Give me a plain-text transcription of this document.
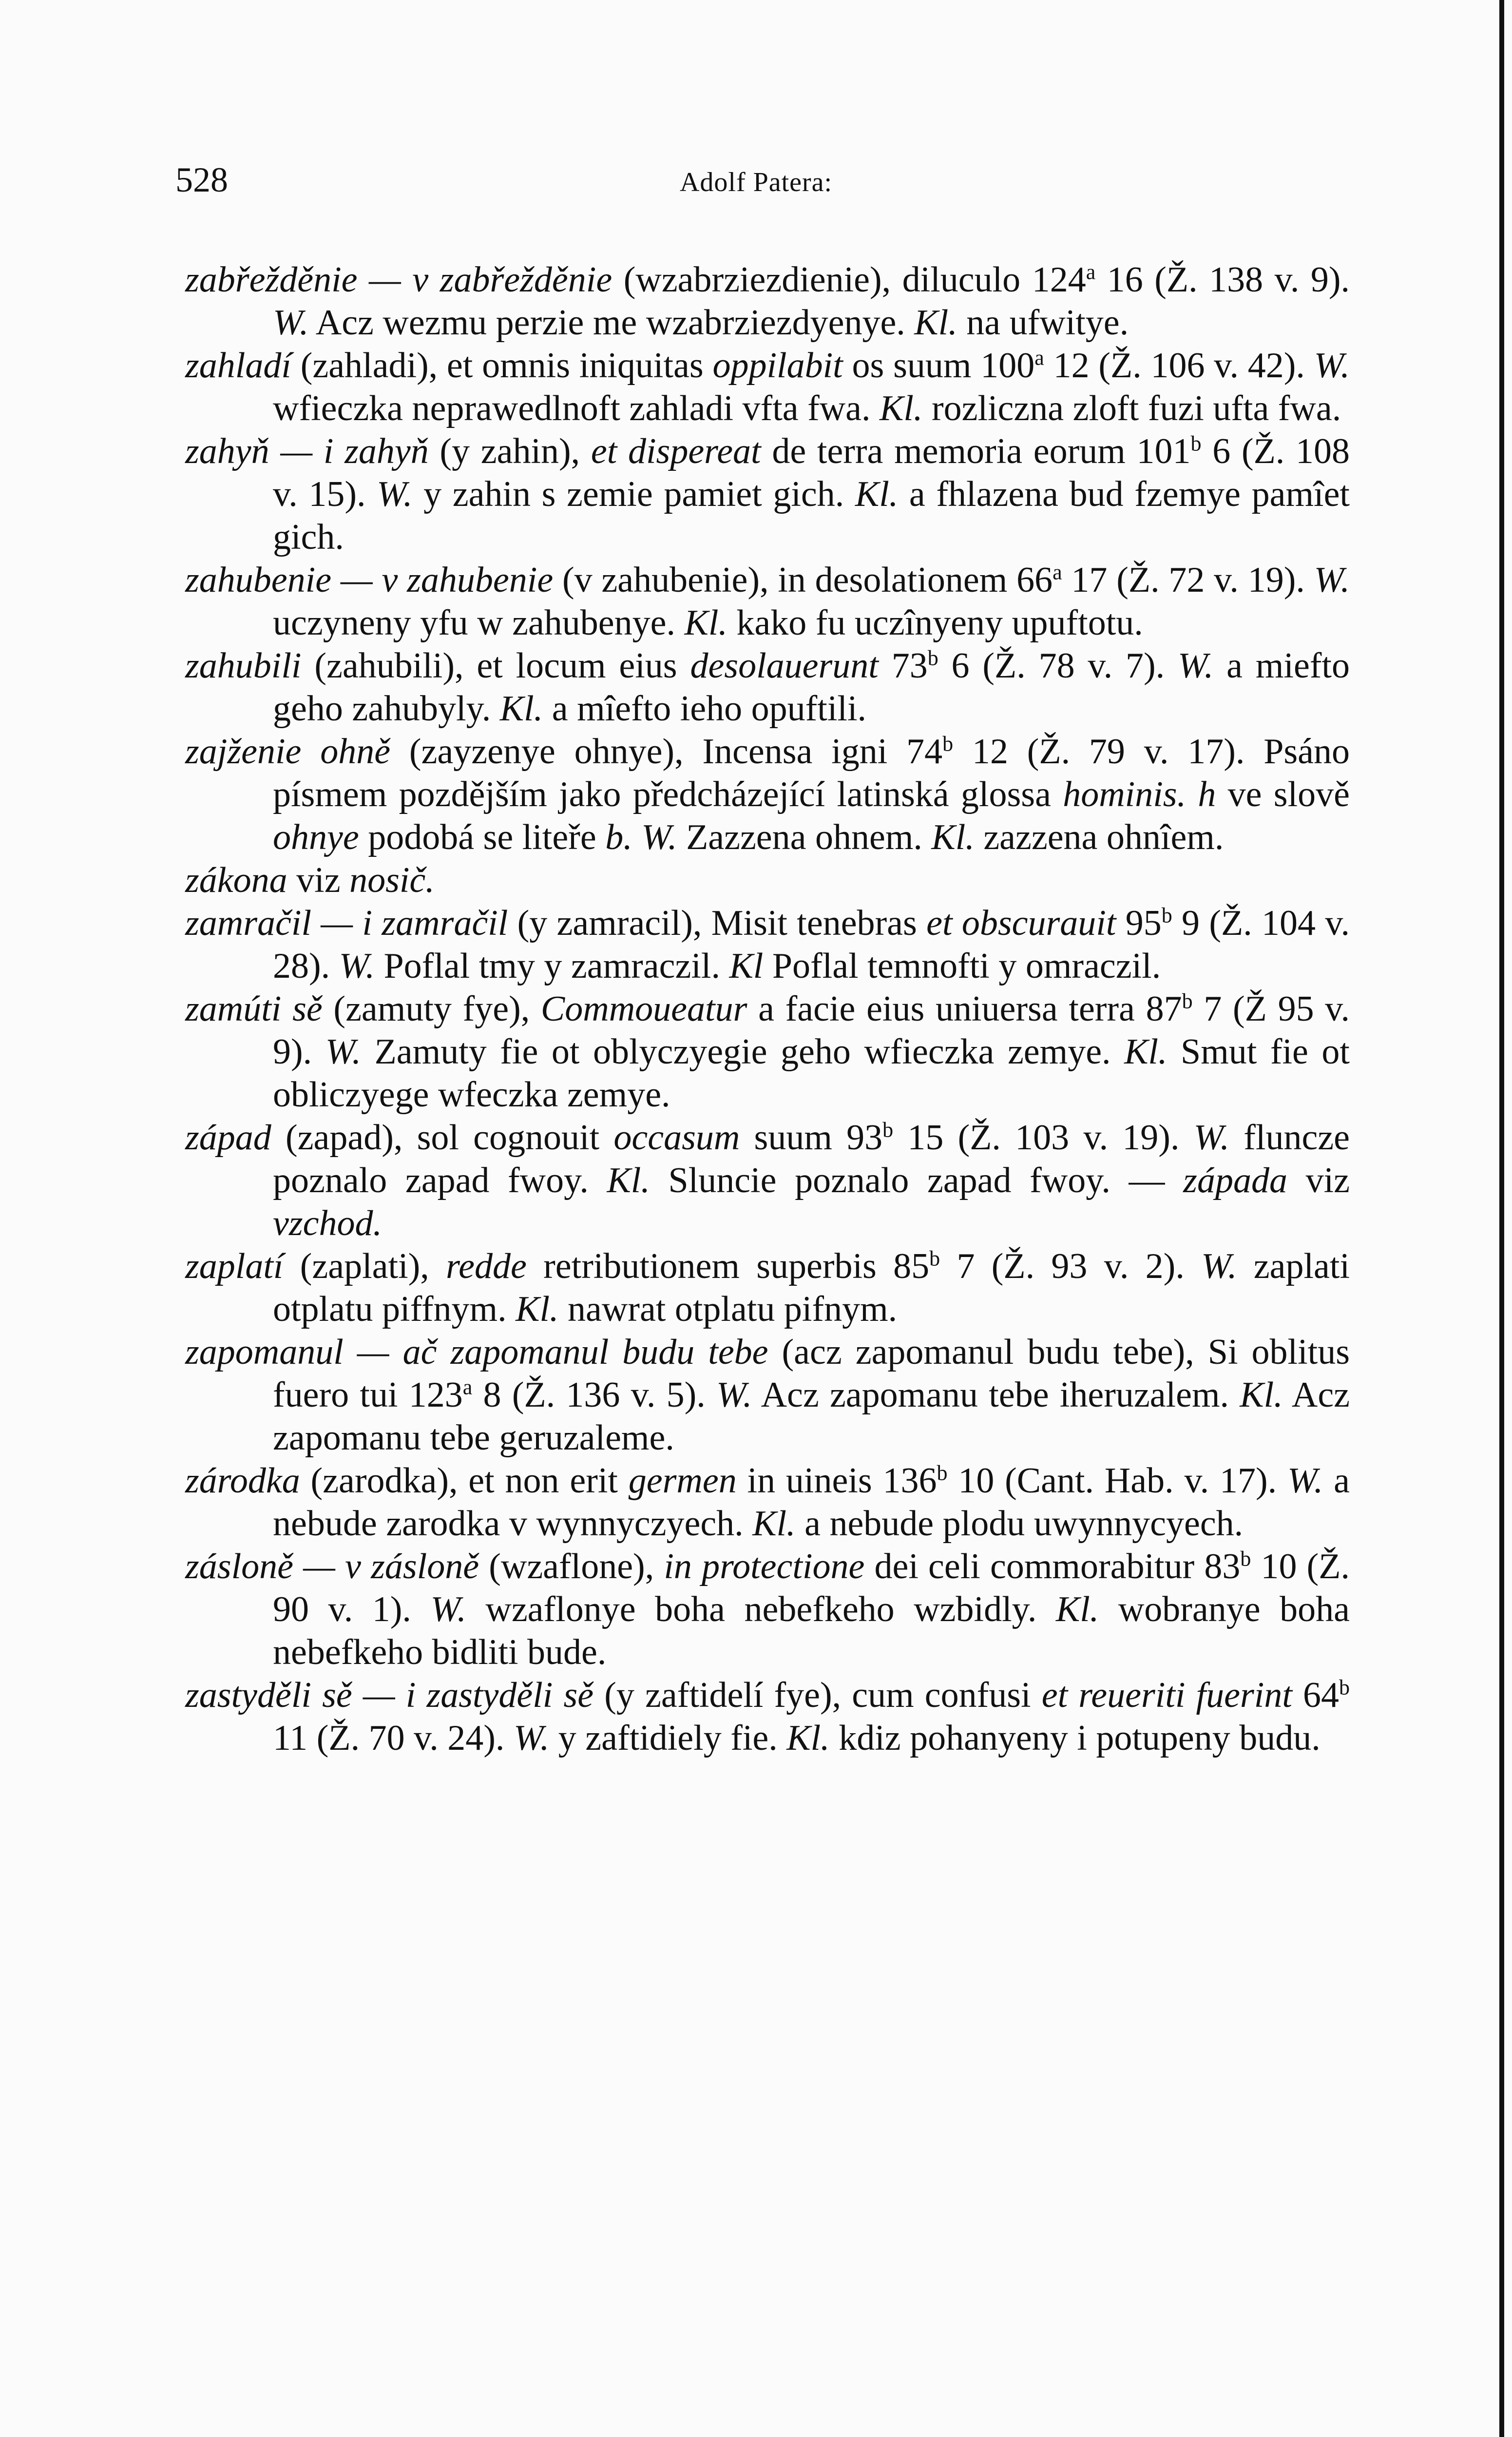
528	Adolf Patera:

zabřežděnie — v zabřežděnie (wzabrziezdienie), diluculo 124$^a$ 16 (Ž. 138 v. 9). W. Acz wezmu perzie me wzabrziezdyenye. Kl. na ufwitye.

zahladí (zahladi), et omnis iniquitas oppilabit os suum 100$^a$ 12 (Ž. 106 v. 42). W. wfieczka neprawedlnoft zahladi vfta fwa. Kl. rozliczna zloft fuzi ufta fwa.

zahyň — i zahyň (y zahin), et dispereat de terra memoria eorum 101$^b$ 6 (Ž. 108 v. 15). W. y zahin s zemie pamiet gich. Kl. a fhlazena bud fzemye pamîet gich.

zahubenie — v zahubenie (v zahubenie), in desolationem 66$^a$ 17 (Ž. 72 v. 19). W. uczyneny yfu w zahubenye. Kl. kako fu uczînyeny upuftotu.

zahubili (zahubili), et locum eius desolauerunt 73$^b$ 6 (Ž. 78 v. 7). W. a miefto geho zahubyly. Kl. a mîefto ieho opuftili.

zajženie ohně (zayzenye ohnye), Incensa igni 74$^b$ 12 (Ž. 79 v. 17). Psáno písmem pozdějším jako předcházející latinská glossa hominis. h ve slově ohnye podobá se liteře b. W. Zazzena ohnem. Kl. zazzena ohnîem.

zákona viz nosič.

zamračil — i zamračil (y zamracil), Misit tenebras et obscurauit 95$^b$ 9 (Ž. 104 v. 28). W. Poflal tmy y zamraczil. Kl Poflal temnofti y omraczil.

zamúti sě (zamuty fye), Commoueatur a facie eius uniuersa terra 87$^b$ 7 (Ž 95 v. 9). W. Zamuty fie ot oblyczyegie geho wfieczka zemye. Kl. Smut fie ot obliczyege wfeczka zemye.

západ (zapad), sol cognouit occasum suum 93$^b$ 15 (Ž. 103 v. 19). W. fluncze poznalo zapad fwoy. Kl. Sluncie poznalo zapad fwoy. — západa viz vzchod.

zaplatí (zaplati), redde retributionem superbis 85$^b$ 7 (Ž. 93 v. 2). W. zaplati otplatu piffnym. Kl. nawrat otplatu pifnym.

zapomanul — ač zapomanul budu tebe (acz zapomanul budu tebe), Si oblitus fuero tui 123$^a$ 8 (Ž. 136 v. 5). W. Acz zapomanu tebe iheruzalem. Kl. Acz zapomanu tebe geruzaleme.

zárodka (zarodka), et non erit germen in uineis 136$^b$ 10 (Cant. Hab. v. 17). W. a nebude zarodka v wynnyczyech. Kl. a nebude plodu uwynnycyech.

zásloně — v zásloně (wzaflone), in protectione dei celi commorabitur 83$^b$ 10 (Ž. 90 v. 1). W. wzaflonye boha nebefkeho wzbidly. Kl. wobranye boha nebefkeho bidliti bude.

zastyděli sě — i zastyděli sě (y zaftidelí fye), cum confusi et reueriti fuerint 64$^b$ 11 (Ž. 70 v. 24). W. y zaftidiely fie. Kl. kdiz pohanyeny i potupeny budu.
